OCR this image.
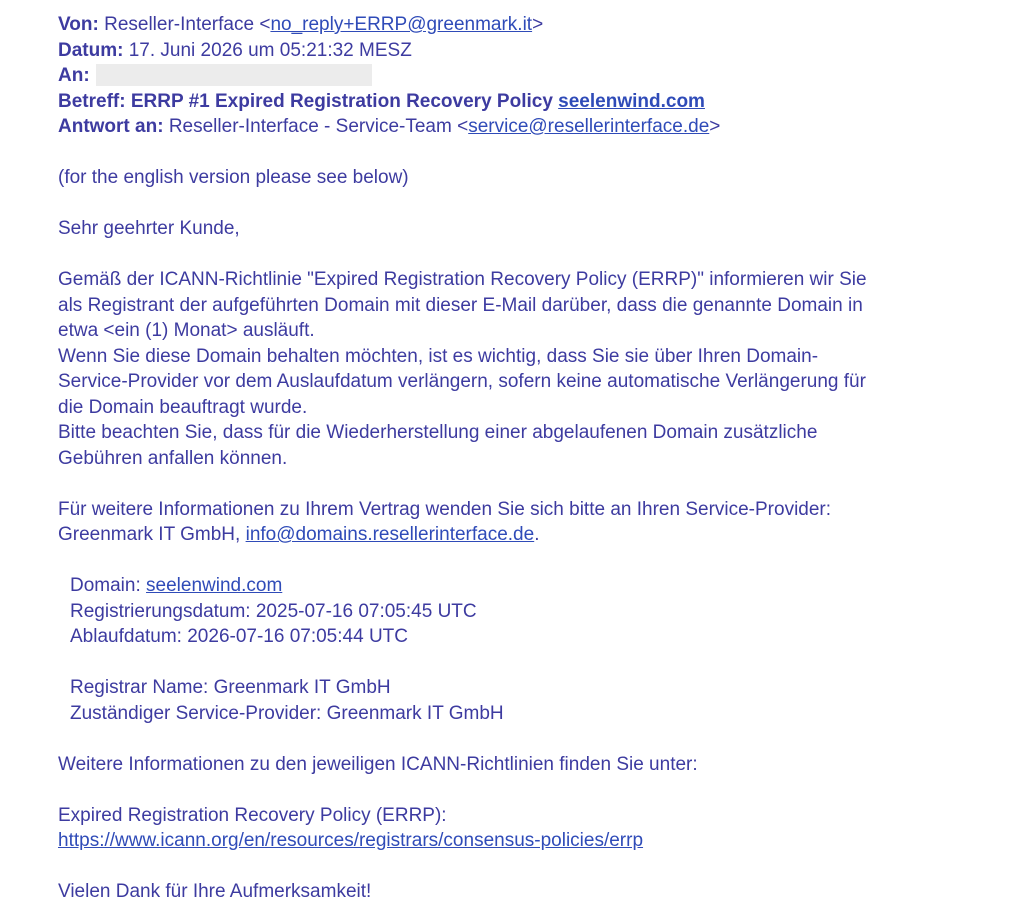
Von: Reseller-Interface <no_reply+ERRP@greenmark.it>
Datum: 17. Juni 2026 um 05:21:32 MESZ
An:
Betreff: ERRP #1 Expired Registration Recovery Policy seelenwind.com
Antwort an: Reseller-Interface - Service-Team <service@resellerinterface.de>
(for the english version please see below)
Sehr geehrter Kunde,
Gemäß der ICANN-Richtlinie "Expired Registration Recovery Policy (ERRP)" informieren wir Sie
als Registrant der aufgeführten Domain mit dieser E-Mail darüber, dass die genannte Domain in
etwa <ein (1) Monat> ausläuft.
Wenn Sie diese Domain behalten möchten, ist es wichtig, dass Sie sie über Ihren Domain-
Service-Provider vor dem Auslaufdatum verlängern, sofern keine automatische Verlängerung für
die Domain beauftragt wurde.
Bitte beachten Sie, dass für die Wiederherstellung einer abgelaufenen Domain zusätzliche
Gebühren anfallen können.
Für weitere Informationen zu Ihrem Vertrag wenden Sie sich bitte an Ihren Service-Provider:
Greenmark IT GmbH, info@domains.resellerinterface.de.
Domain: seelenwind.com
Registrierungsdatum: 2025-07-16 07:05:45 UTC
Ablaufdatum: 2026-07-16 07:05:44 UTC
Registrar Name: Greenmark IT GmbH
Zuständiger Service-Provider: Greenmark IT GmbH
Weitere Informationen zu den jeweiligen ICANN-Richtlinien finden Sie unter:
Expired Registration Recovery Policy (ERRP):
https://www.icann.org/en/resources/registrars/consensus-policies/errp
Vielen Dank für Ihre Aufmerksamkeit!
